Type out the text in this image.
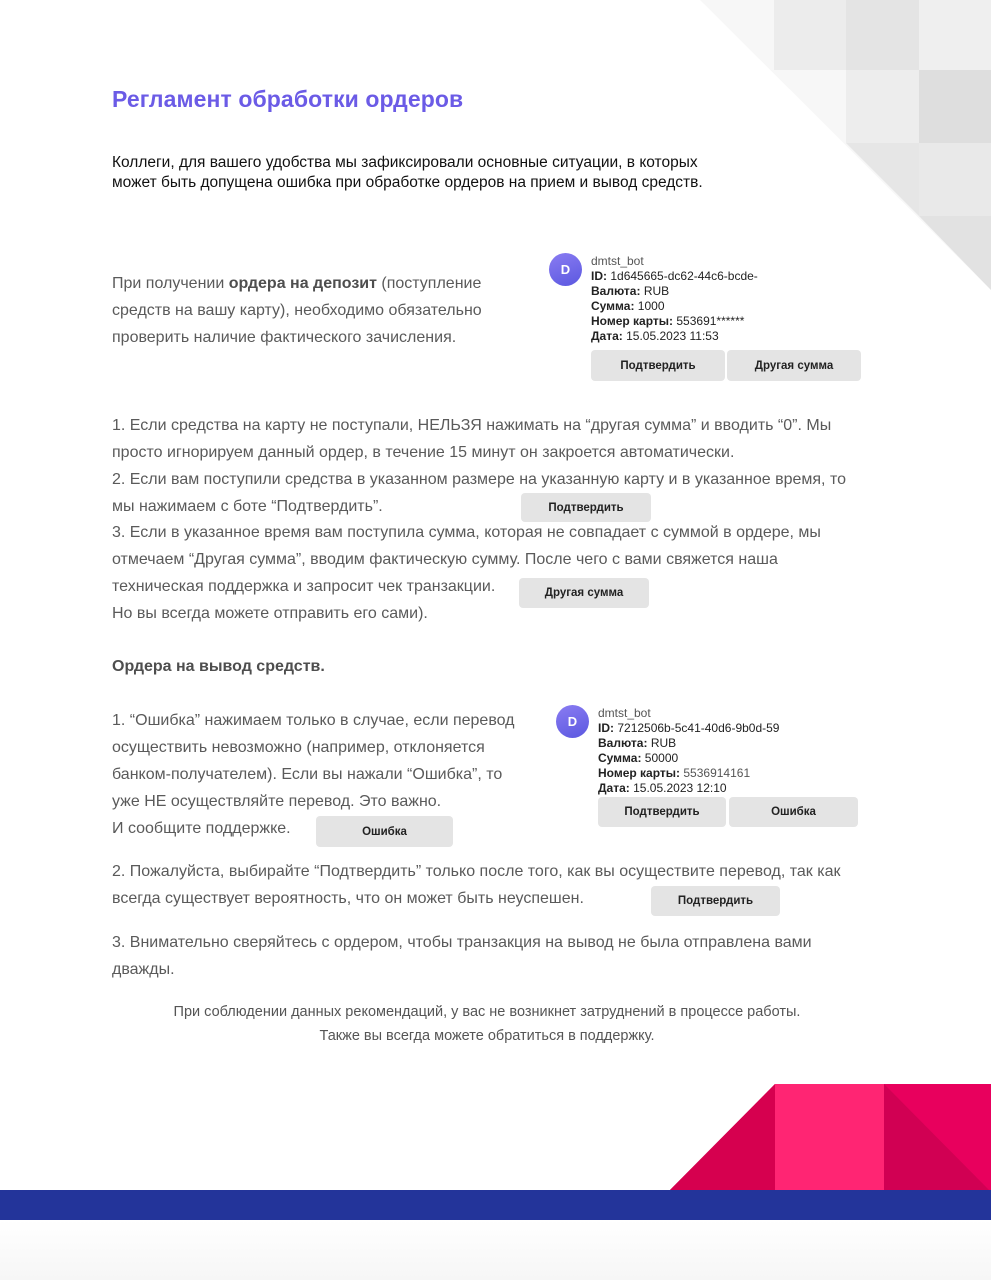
Регламент обработки ордеров

Коллеги, для вашего удобства мы зафиксировали основные ситуации, в которых может быть допущена ошибка при обработке ордеров на прием и вывод средств.

При получении ордера на депозит (поступление средств на вашу карту), необходимо обязательно проверить наличие фактического зачисления.

D
dmtst_bot
ID: 1d645665-dc62-44c6-bcde-
Валюта: RUB
Сумма: 1000
Номер карты: 553691******
Дата: 15.05.2023 11:53
Подтвердить	Другая сумма

1. Если средства на карту не поступали, НЕЛЬЗЯ нажимать на “другая сумма” и вводить “0”. Мы просто игнорируем данный ордер, в течение 15 минут он закроется автоматически.

2. Если вам поступили средства в указанном размере на указанную карту и в указанное время, то мы нажимаем с боте “Подтвердить”.	Подтвердить

3. Если в указанное время вам поступила сумма, которая не совпадает с суммой в ордере, мы отмечаем “Другая сумма”, вводим фактическую сумму. После чего с вами свяжется наша техническая поддержка и запросит чек транзакции.	Другая сумма

Но вы всегда можете отправить его сами).

Ордера на вывод средств.

1. “Ошибка” нажимаем только в случае, если перевод осуществить невозможно (например, отклоняется банком-получателем). Если вы нажали “Ошибка”, то уже НЕ осуществляйте перевод. Это важно.

И сообщите поддержке.	Ошибка
D
dmtst_bot
ID: 7212506b-5c41-40d6-9b0d-59
Валюта: RUB
Сумма: 50000
Номер карты: 5536914161
Дата: 15.05.2023 12:10
Подтвердить	Ошибка

2. Пожалуйста, выбирайте “Подтвердить” только после того, как вы осуществите перевод, так как всегда существует вероятность, что он может быть неуспешен.	Подтвердить

3. Внимательно сверяйтесь с ордером, чтобы транзакция на вывод не была отправлена вами дважды.

При соблюдении данных рекомендаций, у вас не возникнет затруднений в процессе работы.

Также вы всегда можете обратиться в поддержку.
